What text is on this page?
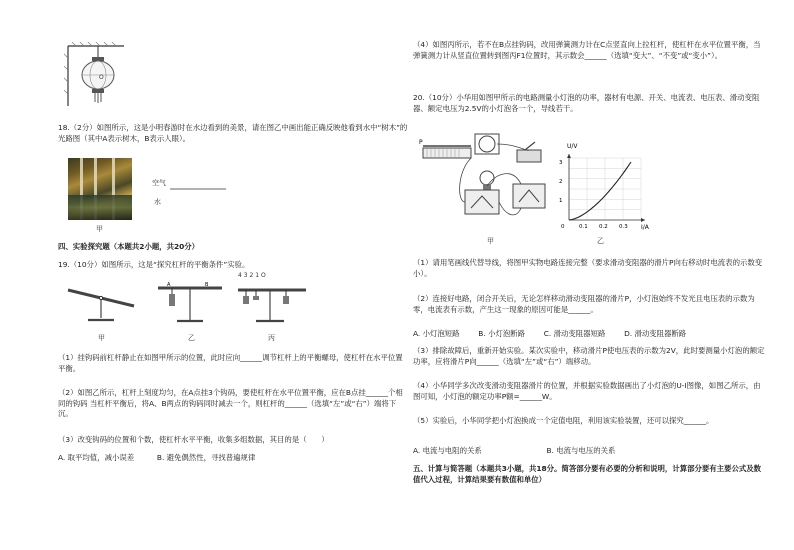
O
18.（2分）如图所示，这是小明春游时在水边看到的美景，请在图乙中画出能正确反映他看到水中“树木”的光路图（其中A表示树木，B表示人眼）。
甲
空气
水
四、实验探究题（本题共2小题，共20分）
19.（10分）如图所示，这是“探究杠杆的平衡条件”实验。
A	B
4 3 2 1 O
甲	乙	丙
（1）挂钩码前杠杆静止在如图甲所示的位置，此时应向______调节杠杆上的平衡螺母，使杠杆在水平位置平衡。
（2）如图乙所示，杠杆上刻度均匀，在A点挂3个钩码，要使杠杆在水平位置平衡，应在B点挂______个相同的钩码 当杠杆平衡后，将A、B两点的钩码同时减去一个，则杠杆的______（选填“左”或“右”）端将下沉。
（3）改变钩码的位置和个数，使杠杆水平平衡，收集多组数据，其目的是（　　）
A. 取平均值，减小误差	B. 避免偶然性，寻找普遍规律
（4）如图丙所示，若不在B点挂钩码，改用弹簧测力计在C点竖直向上拉杠杆，使杠杆在水平位置平衡，当弹簧测力计从竖直位置转到图丙F1位置时，其示数会______（选填“变大”、“不变”或“变小”）。
20.（10分）小华用如图甲所示的电路测量小灯泡的功率，器材有电源、开关、电流表、电压表、滑动变阻器、额定电压为2.5V的小灯泡各一个，导线若干。
P
甲
U/V
I/A
3
2
1
0	0.1 0.2 0.3
乙
（1）请用笔画线代替导线，将图甲实物电路连接完整（要求滑动变阻器的滑片P向右移动时电流表的示数变小）。
（2）连接好电路，闭合开关后，无论怎样移动滑动变阻器的滑片P，小灯泡始终不发光且电压表的示数为零，电流表有示数，产生这一现象的原因可能是______。
A. 小灯泡短路	B. 小灯泡断路	C. 滑动变阻器短路	D. 滑动变阻器断路
（3）排除故障后，重新开始实验。某次实验中，移动滑片P使电压表的示数为2V，此时要测量小灯泡的额定功率，应将滑片P向______（选填“左”或“右”）端移动。
（4）小华同学多次改变滑动变阻器滑片的位置，并根据实验数据画出了小灯泡的U-I图像，如图乙所示，由图可知，小灯泡的额定功率P额=______W。
（5）实验后，小华同学把小灯泡换成一个定值电阻，利用该实验装置，还可以探究______。
A. 电流与电阻的关系	B. 电流与电压的关系
五、计算与简答题（本题共3小题，共18分。简答部分要有必要的分析和说明，计算部分要有主要公式及数值代入过程，计算结果要有数值和单位）
